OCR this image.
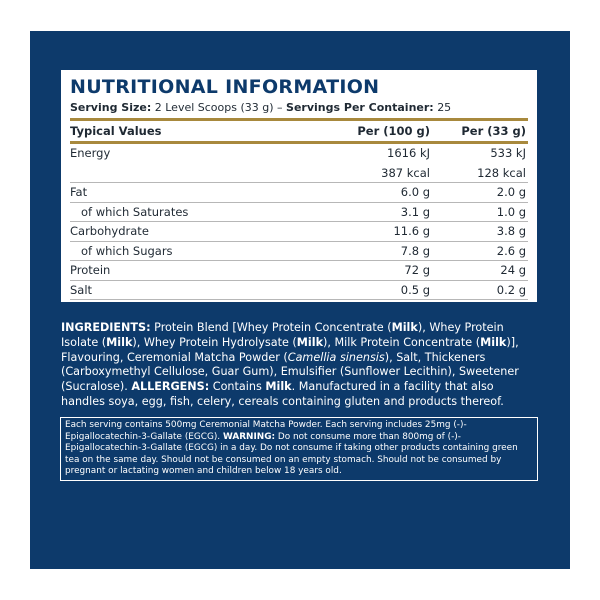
NUTRITIONAL INFORMATION
Serving Size: 2 Level Scoops (33 g) – Servings Per Container: 25
Typical Values	Per (100 g)	Per (33 g)
Energy	1616 kJ	533 kJ
387 kcal	128 kcal
Fat	6.0 g	2.0 g
of which Saturates	3.1 g	1.0 g
Carbohydrate	11.6 g	3.8 g
of which Sugars	7.8 g	2.6 g
Protein	72 g	24 g
Salt	0.5 g	0.2 g
INGREDIENTS: Protein Blend [Whey Protein Concentrate (Milk), Whey Protein Isolate (Milk), Whey Protein Hydrolysate (Milk), Milk Protein Concentrate (Milk)], Flavouring, Ceremonial Matcha Powder (Camellia sinensis), Salt, Thickeners (Carboxymethyl Cellulose, Guar Gum), Emulsifier (Sunflower Lecithin), Sweetener (Sucralose). ALLERGENS: Contains Milk. Manufactured in a facility that also handles soya, egg, fish, celery, cereals containing gluten and products thereof.
Each serving contains 500mg Ceremonial Matcha Powder. Each serving includes 25mg (-)-Epigallocatechin-3-Gallate (EGCG). WARNING: Do not consume more than 800mg of (-)-Epigallocatechin-3-Gallate (EGCG) in a day. Do not consume if taking other products containing green tea on the same day. Should not be consumed on an empty stomach. Should not be consumed by pregnant or lactating women and children below 18 years old.
